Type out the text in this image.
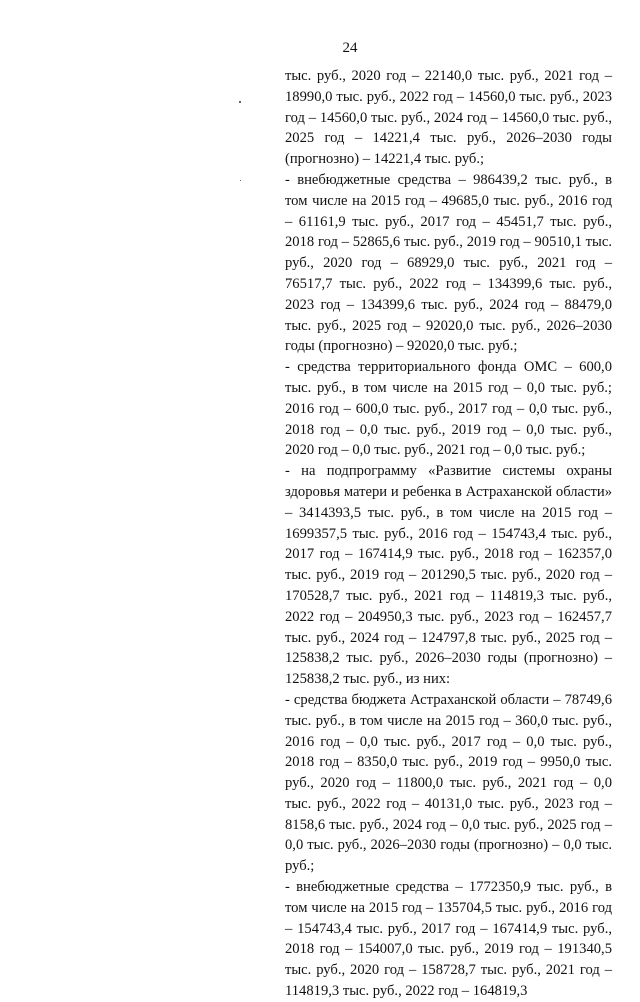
24

тыс. руб., 2020 год – 22140,0 тыс. руб., 2021 год – 18990,0 тыс. руб., 2022 год – 14560,0 тыс. руб., 2023 год – 14560,0 тыс. руб., 2024 год – 14560,0 тыс. руб., 2025 год – 14221,4 тыс. руб., 2026–2030 годы (прогнозно) – 14221,4 тыс. руб.;

- внебюджетные средства – 986439,2 тыс. руб., в том числе на 2015 год – 49685,0 тыс. руб., 2016 год – 61161,9 тыс. руб., 2017 год – 45451,7 тыс. руб., 2018 год – 52865,6 тыс. руб., 2019 год – 90510,1 тыс. руб., 2020 год – 68929,0 тыс. руб., 2021 год – 76517,7 тыс. руб., 2022 год – 134399,6 тыс. руб., 2023 год – 134399,6 тыс. руб., 2024 год – 88479,0 тыс. руб., 2025 год – 92020,0 тыс. руб., 2026–2030 годы (прогнозно) – 92020,0 тыс. руб.;

- средства территориального фонда ОМС – 600,0 тыс. руб., в том числе на 2015 год – 0,0 тыс. руб.; 2016 год – 600,0 тыс. руб., 2017 год – 0,0 тыс. руб., 2018 год – 0,0 тыс. руб., 2019 год – 0,0 тыс. руб., 2020 год – 0,0 тыс. руб., 2021 год – 0,0 тыс. руб.;

- на подпрограмму «Развитие системы охраны здоровья матери и ребенка в Астраханской области» – 3414393,5 тыс. руб., в том числе на 2015 год – 1699357,5 тыс. руб., 2016 год – 154743,4 тыс. руб., 2017 год – 167414,9 тыс. руб., 2018 год – 162357,0 тыс. руб., 2019 год – 201290,5 тыс. руб., 2020 год – 170528,7 тыс. руб., 2021 год – 114819,3 тыс. руб., 2022 год – 204950,3 тыс. руб., 2023 год – 162457,7 тыс. руб., 2024 год – 124797,8 тыс. руб., 2025 год – 125838,2 тыс. руб., 2026–2030 годы (прогнозно) – 125838,2 тыс. руб., из них:

- средства бюджета Астраханской области – 78749,6 тыс. руб., в том числе на 2015 год – 360,0 тыс. руб., 2016 год – 0,0 тыс. руб., 2017 год – 0,0 тыс. руб., 2018 год – 8350,0 тыс. руб., 2019 год – 9950,0 тыс. руб., 2020 год – 11800,0 тыс. руб., 2021 год – 0,0 тыс. руб., 2022 год – 40131,0 тыс. руб., 2023 год – 8158,6 тыс. руб., 2024 год – 0,0 тыс. руб., 2025 год – 0,0 тыс. руб., 2026–2030 годы (прогнозно) – 0,0 тыс. руб.;

- внебюджетные средства – 1772350,9 тыс. руб., в том числе на 2015 год – 135704,5 тыс. руб., 2016 год – 154743,4 тыс. руб., 2017 год – 167414,9 тыс. руб., 2018 год – 154007,0 тыс. руб., 2019 год – 191340,5 тыс. руб., 2020 год – 158728,7 тыс. руб., 2021 год – 114819,3 тыс. руб., 2022 год – 164819,3
